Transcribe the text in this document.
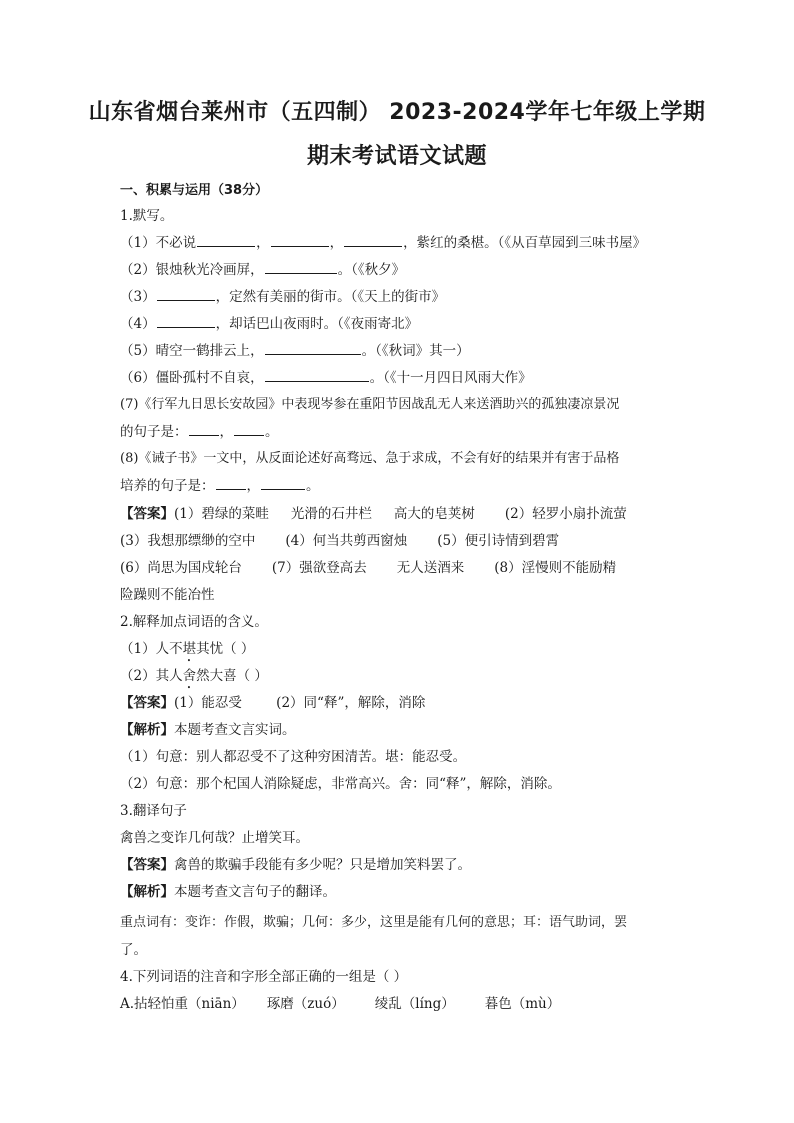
山东省烟台莱州市（五四制） 2023-2024学年七年级上学期
期末考试语文试题
一、积累与运用（38分）
1.默写。
（1）不必说	，	，	，紫红的桑椹。（《从百草园到三味书屋》
（2）银烛秋光冷画屏，	。（《秋夕》
（3）	，定然有美丽的街市。（《天上的街市》
（4）	，却话巴山夜雨时。（《夜雨寄北》
（5）晴空一鹤排云上，	。（《秋词》其一）
（6）僵卧孤村不自哀，	。（《十一月四日风雨大作》
(7)《行军九日思长安故园》中表现岑参在重阳节因战乱无人来送酒助兴的孤独凄凉景况
的句子是： ， 。
(8)《诫子书》一文中，从反面论述好高骛远、急于求成，不会有好的结果并有害于品格
培养的句子是： ，	。
【答案】(1）碧绿的菜畦 光滑的石井栏 高大的皂荚树 (2）轻罗小扇扑流萤
(3）我想那缥缈的空中 (4）何当共剪西窗烛 (5）便引诗情到碧霄
(6）尚思为国戍轮台 (7）强欲登高去 无人送酒来 (8）淫慢则不能励精
险躁则不能冶性
2.解释加点词语的含义。
（1）人不堪其忧（ ）
（2）其人舍然大喜（ ）
【答案】(1）能忍受        (2）同“释”，解除，消除
【解析】本题考查文言实词。
（1）句意：别人都忍受不了这种穷困清苦。堪：能忍受。
（2）句意：那个杞国人消除疑虑，非常高兴。舍：同“释”，解除，消除。
3.翻译句子
禽兽之变诈几何哉？止增笑耳。
【答案】禽兽的欺骗手段能有多少呢？只是增加笑料罢了。
【解析】本题考查文言句子的翻译。
重点词有：变诈：作假，欺骗；几何：多少，这里是能有几何的意思；耳：语气助词，罢
了。
4.下列词语的注音和字形全部正确的一组是（ ）
A.拈轻怕重（niān） 琢磨（zuó） 绫乱（líng） 暮色（mù）
